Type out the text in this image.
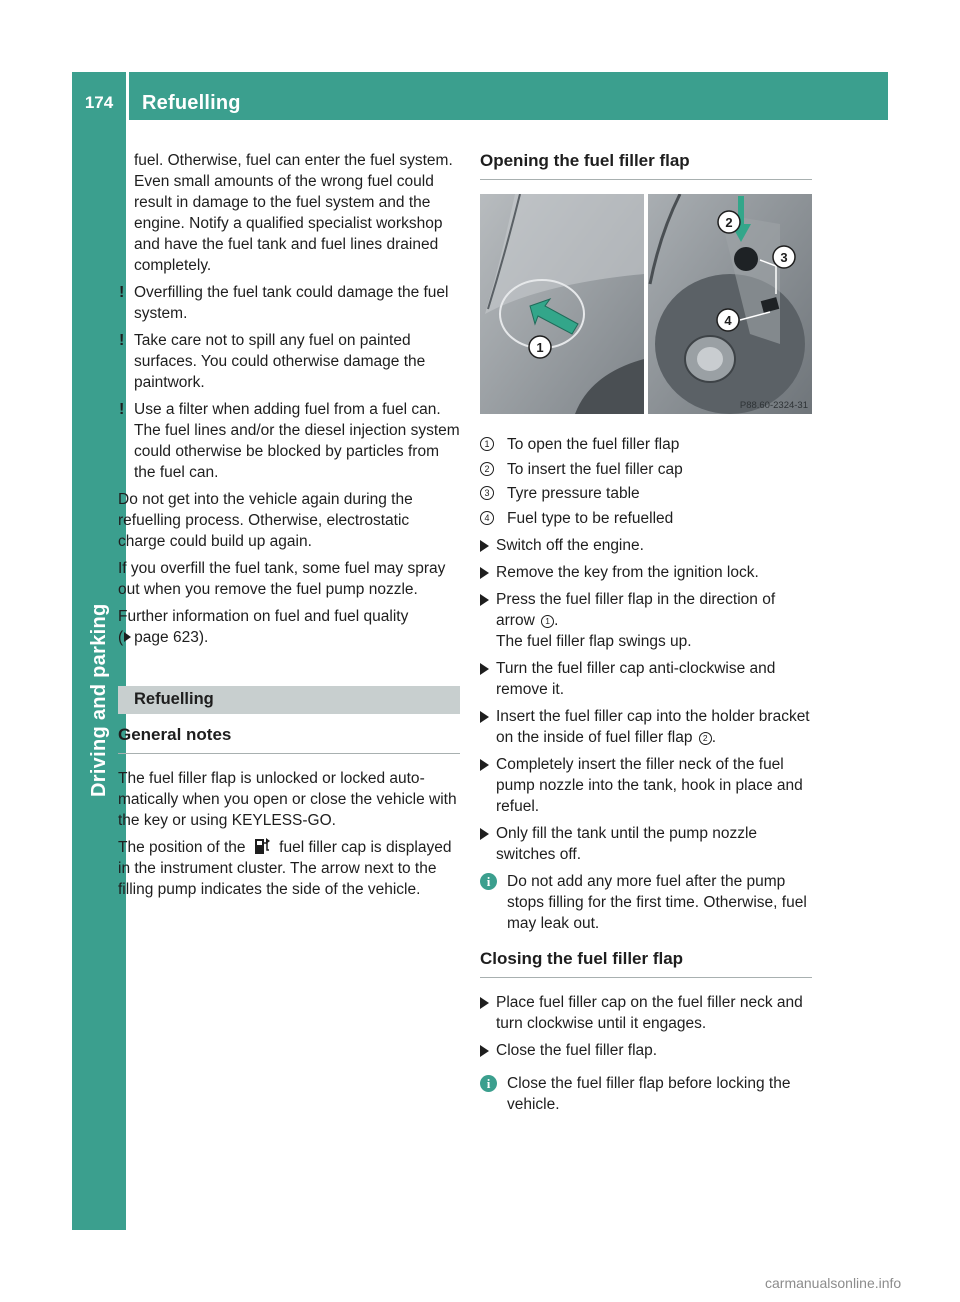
174	Refuelling
Driving and parking

fuel. Otherwise, fuel can enter the fuel system. Even small amounts of the wrong fuel could result in damage to the fuel system and the engine. Notify a qualified specialist workshop and have the fuel tank and fuel lines drained completely.

! Overfilling the fuel tank could damage the fuel system.
! Take care not to spill any fuel on painted surfaces. You could otherwise damage the paintwork.
! Use a filter when adding fuel from a fuel can. The fuel lines and/or the diesel injection system could otherwise be blocked by particles from the fuel can.

Do not get into the vehicle again during the refuelling process. Otherwise, electrostatic charge could build up again.

If you overfill the fuel tank, some fuel may spray out when you remove the fuel pump nozzle.

Further information on fuel and fuel quality
( page 623).

Refuelling
General notes

The fuel filler flap is unlocked or locked automatically when you open or close the vehicle with the key or using KEYLESS-GO.

The position of the fuel filler cap is displayed in the instrument cluster. The arrow next to the filling pump indicates the side of the vehicle.

Opening the fuel filler flap
1
2
3
4
P88.60-2324-31
1 To open the fuel filler flap
2 To insert the fuel filler cap
3 Tyre pressure table
4 Fuel type to be refuelled
Switch off the engine.
Remove the key from the ignition lock.
Press the fuel filler flap in the direction of arrow 1 .
The fuel filler flap swings up.
Turn the fuel filler cap anti-clockwise and remove it.
Insert the fuel filler cap into the holder bracket on the inside of fuel filler flap 2 .
Completely insert the filler neck of the fuel pump nozzle into the tank, hook in place and refuel.
Only fill the tank until the pump nozzle switches off.
i	Do not add any more fuel after the pump stops filling for the first time. Otherwise, fuel may leak out.
Closing the fuel filler flap
Place fuel filler cap on the fuel filler neck and turn clockwise until it engages.
Close the fuel filler flap.
i	Close the fuel filler flap before locking the vehicle.
carmanualsonline.info
